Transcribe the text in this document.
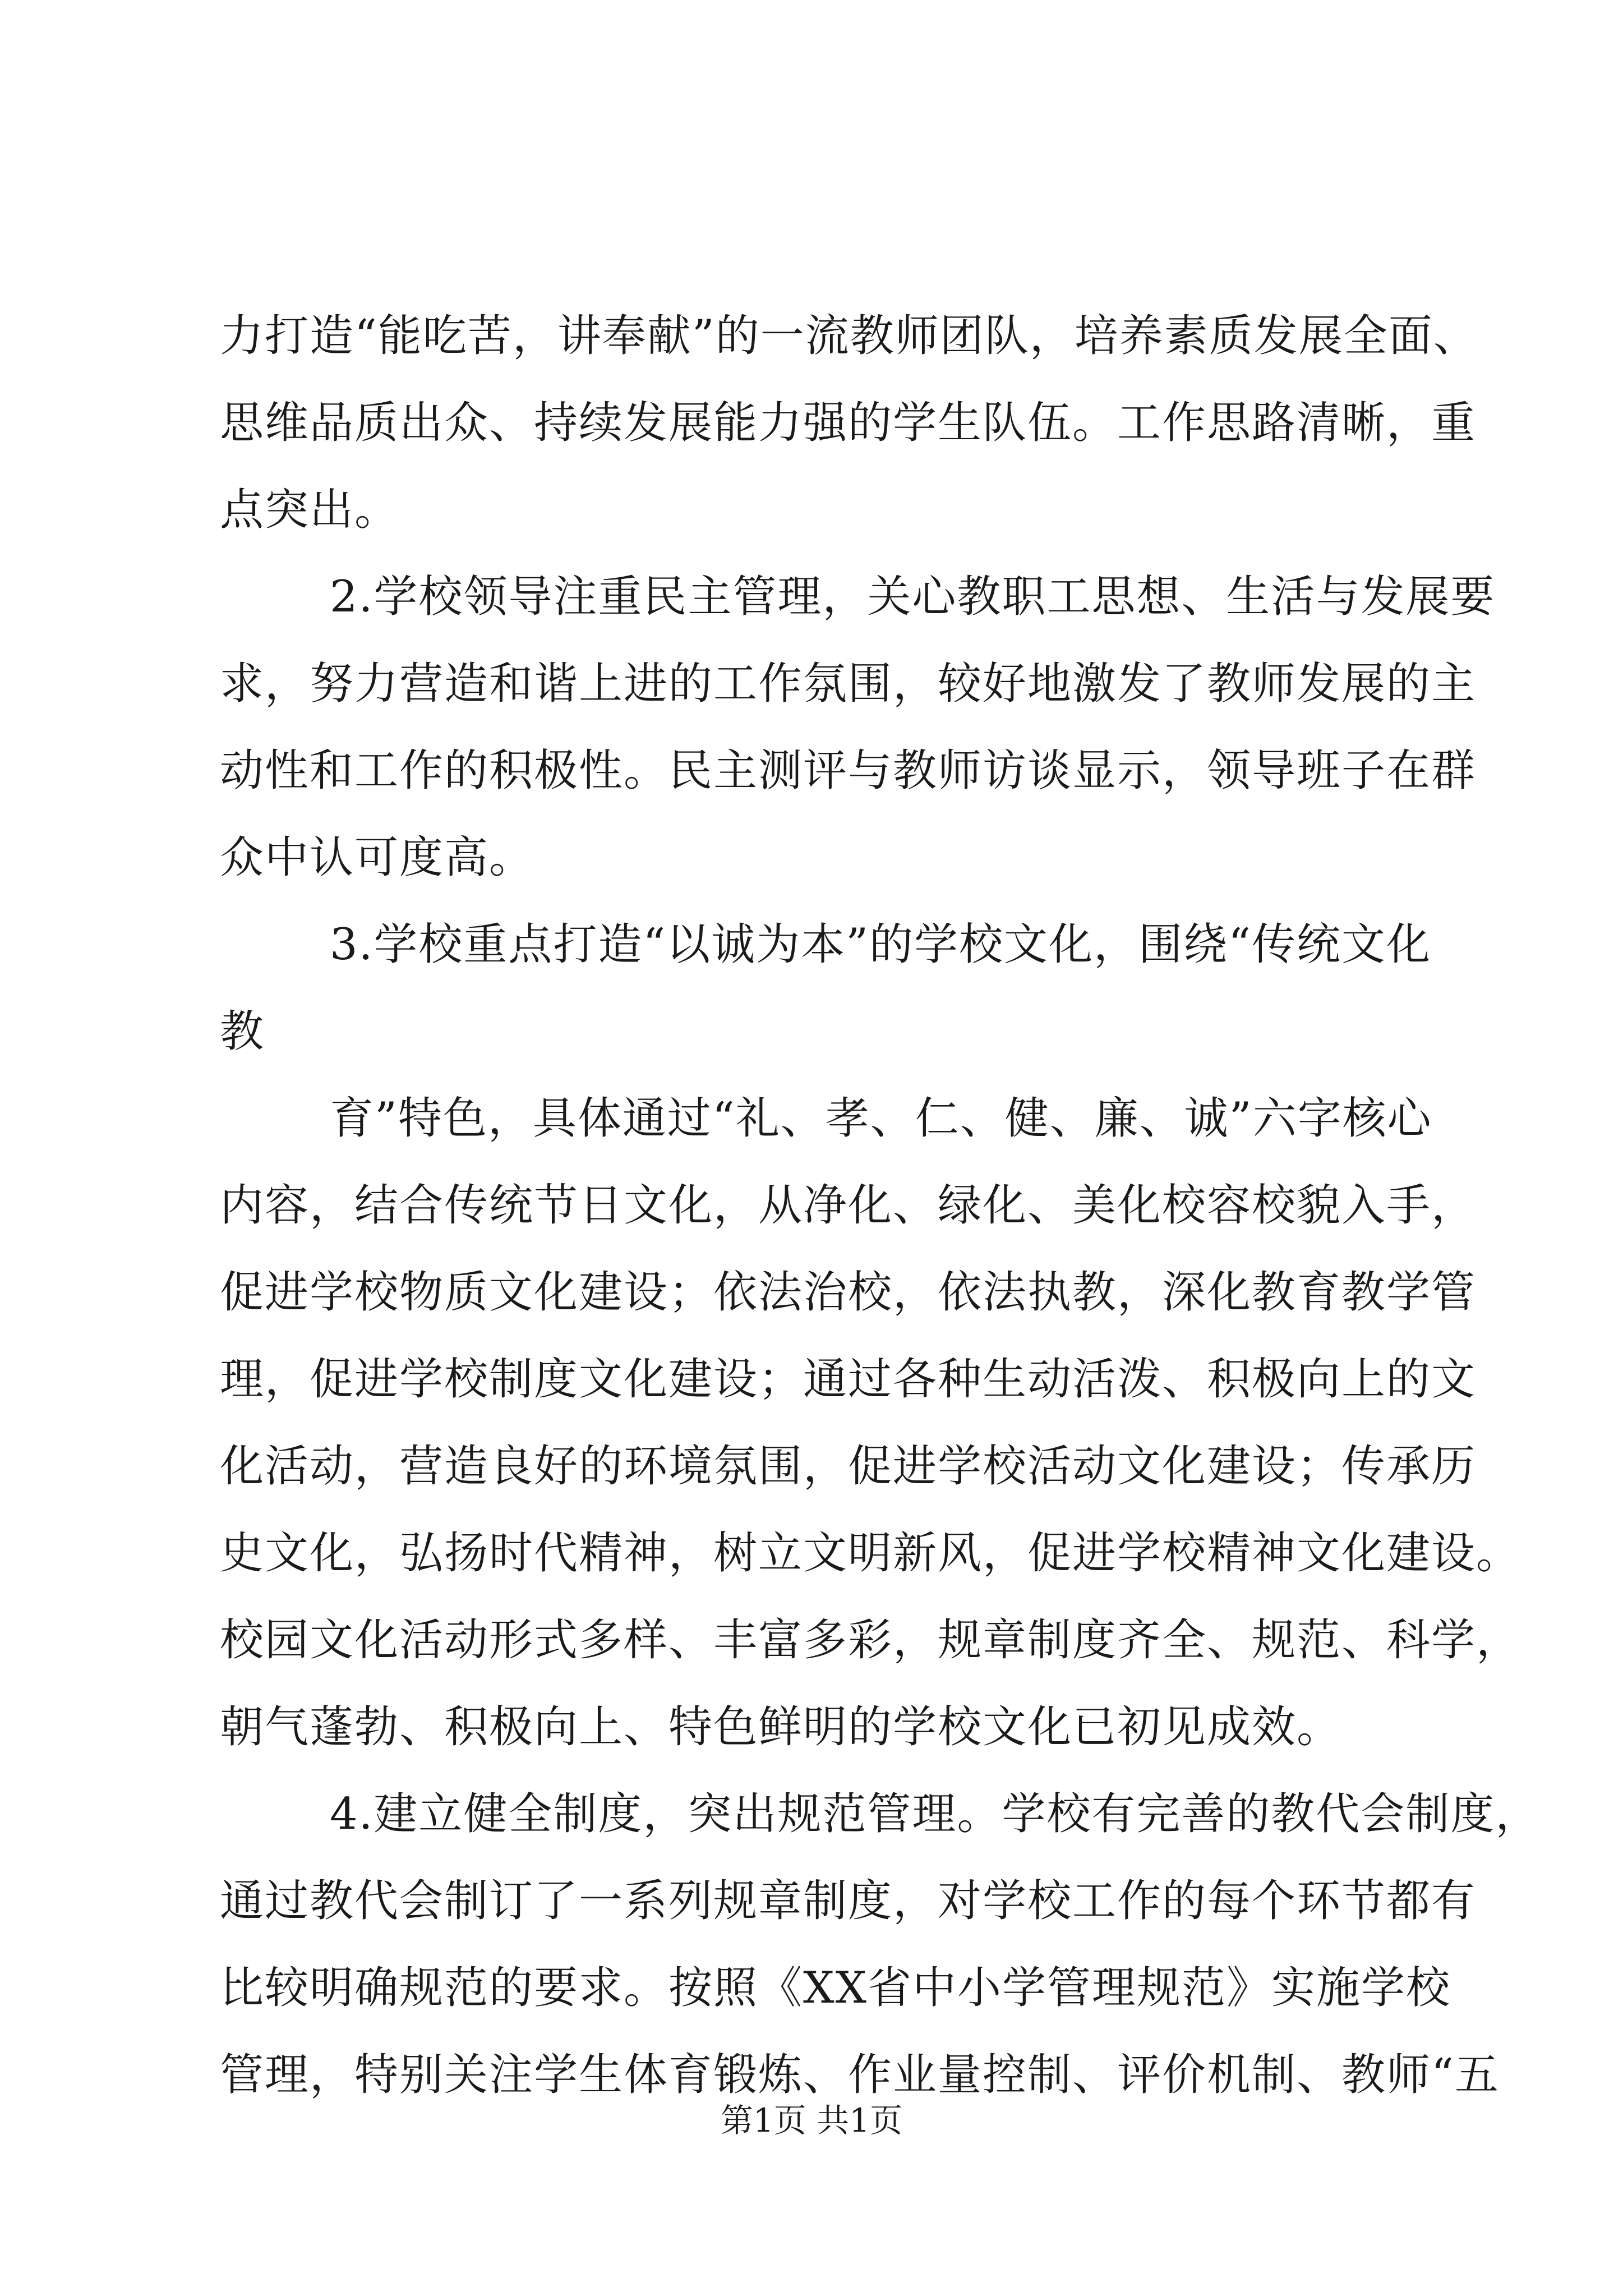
力打造“能吃苦，讲奉献”的一流教师团队，培养素质发展全面、
思维品质出众、持续发展能力强的学生队伍。工作思路清晰，重
点突出。
2.学校领导注重民主管理，关心教职工思想、生活与发展要
求，努力营造和谐上进的工作氛围，较好地激发了教师发展的主
动性和工作的积极性。民主测评与教师访谈显示，领导班子在群
众中认可度高。
3.学校重点打造“以诚为本”的学校文化，围绕“传统文化
教
育”特色，具体通过“礼、孝、仁、健、廉、诚”六字核心
内容，结合传统节日文化，从净化、绿化、美化校容校貌入手，
促进学校物质文化建设；依法治校，依法执教，深化教育教学管
理，促进学校制度文化建设；通过各种生动活泼、积极向上的文
化活动，营造良好的环境氛围，促进学校活动文化建设；传承历
史文化，弘扬时代精神，树立文明新风，促进学校精神文化建设。
校园文化活动形式多样、丰富多彩，规章制度齐全、规范、科学，
朝气蓬勃、积极向上、特色鲜明的学校文化已初见成效。
4.建立健全制度，突出规范管理。学校有完善的教代会制度，
通过教代会制订了一系列规章制度，对学校工作的每个环节都有
比较明确规范的要求。按照《XX省中小学管理规范》实施学校
管理，特别关注学生体育锻炼、作业量控制、评价机制、教师“五
第1页 共1页
